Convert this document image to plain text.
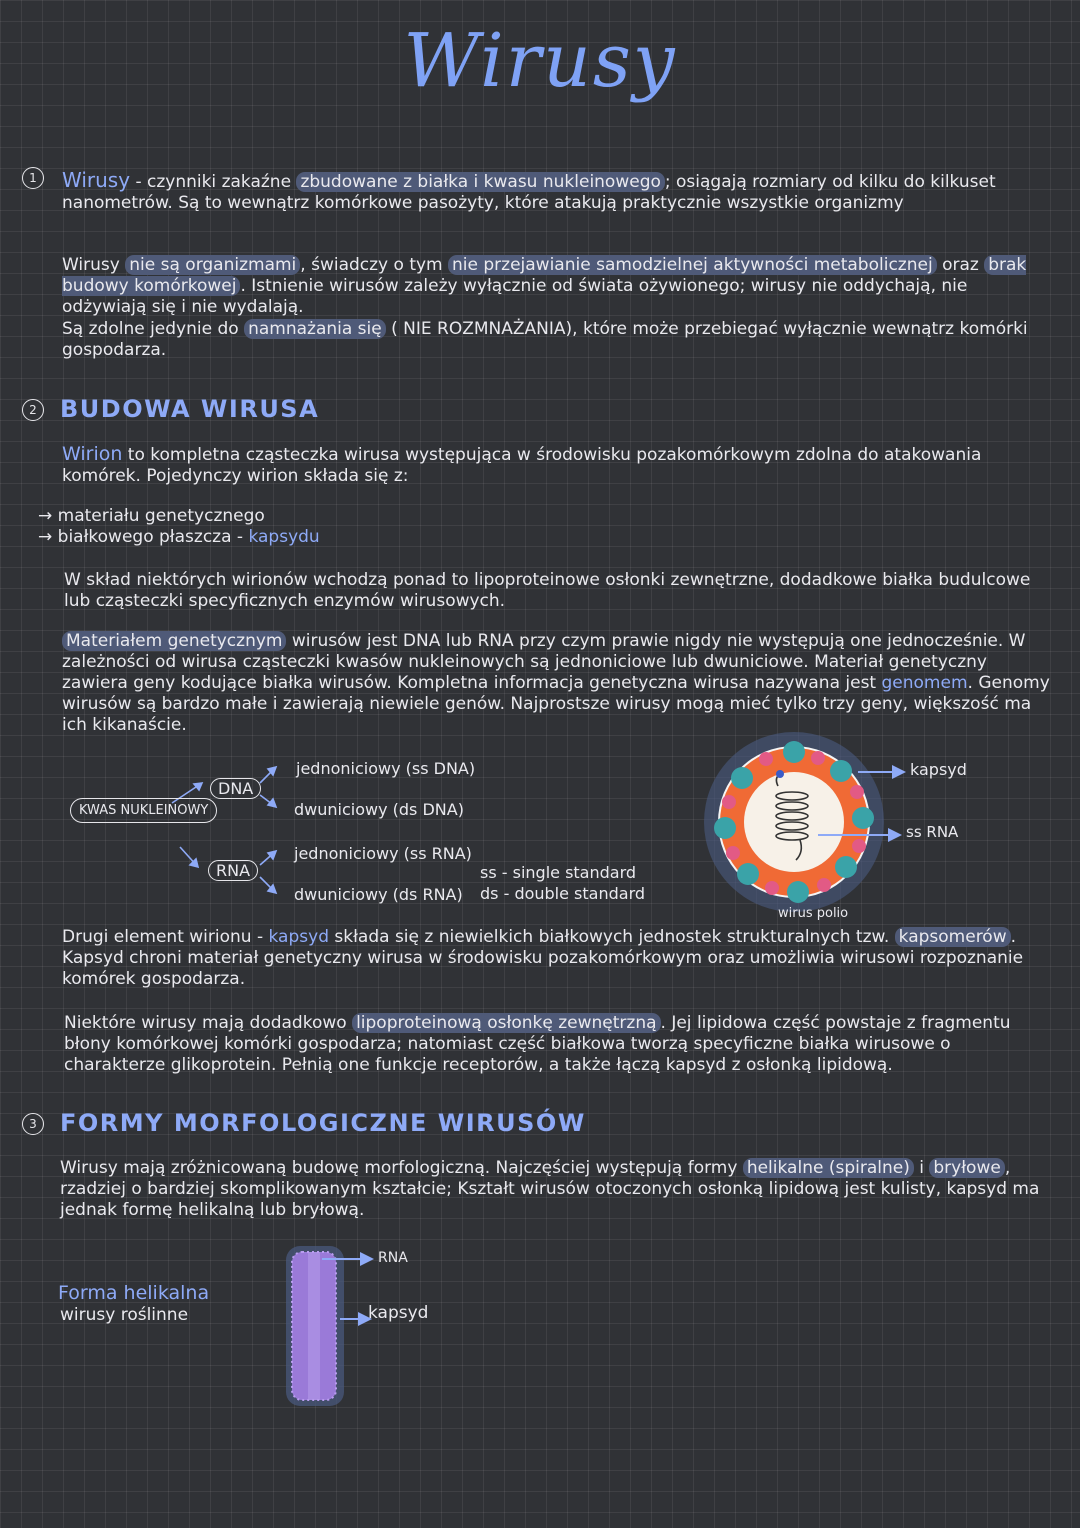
Wirusy
1	Wirusy - czynniki zakaźne zbudowane z białka i kwasu nukleinowego ; osiągają rozmiary od kilku do kilkuset nanometrów. Są to wewnątrz komórkowe pasożyty, które atakują praktycznie wszystkie organizmy

Wirusy nie są organizmami , świadczy o tym nie przejawianie samodzielnej aktywności metabolicznej oraz brak budowy komórkowej . Istnienie wirusów zależy wyłącznie od świata ożywionego; wirusy nie oddychają, nie odżywiają się i nie wydalają.

Są zdolne jedynie do namnażania się ( NIE ROZMNAŻANIA), które może przebiegać wyłącznie wewnątrz komórki gospodarza.

2 BUDOWA WIRUSA

Wirion to kompletna cząsteczka wirusa występująca w środowisku pozakomórkowym zdolna do atakowania komórek. Pojedynczy wirion składa się z:

→ materiału genetycznego
→ białkowego płaszcza - kapsydu

W skład niektórych wirionów wchodzą ponad to lipoproteinowe osłonki zewnętrzne, dodadkowe białka budulcowe lub cząsteczki specyficznych enzymów wirusowych.

Materiałem genetycznym wirusów jest DNA lub RNA przy czym prawie nigdy nie występują one jednocześnie. W zależności od wirusa cząsteczki kwasów nukleinowych są jednoniciowe lub dwuniciowe. Materiał genetyczny zawiera geny kodujące białka wirusów. Kompletna informacja genetyczna wirusa nazywana jest genomem. Genomy wirusów są bardzo małe i zawierają niewiele genów. Najprostsze wirusy mogą mieć tylko trzy geny, większość ma ich kikanaście.

KWAS NUKLEINOWY
DNA
RNA
jednoniciowy (ss DNA)
dwuniciowy (ds DNA)
jednoniciowy (ss RNA)
dwuniciowy (ds RNA)
ss - single standard
ds - double standard
kapsyd
ss RNA
wirus polio

Drugi element wirionu - kapsyd składa się z niewielkich białkowych jednostek strukturalnych tzw. kapsomerów . Kapsyd chroni materiał genetyczny wirusa w środowisku pozakomórkowym oraz umożliwia wirusowi rozpoznanie komórek gospodarza.

Niektóre wirusy mają dodadkowo lipoproteinową osłonkę zewnętrzną . Jej lipidowa część powstaje z fragmentu błony komórkowej komórki gospodarza; natomiast część białkowa tworzą specyficzne białka wirusowe o charakterze glikoprotein. Pełnią one funkcje receptorów, a także łączą kapsyd z osłonką lipidową.

3 FORMY MORFOLOGICZNE WIRUSÓW

Wirusy mają zróżnicowaną budowę morfologiczną. Najczęściej występują formy helikalne (spiralne) i bryłowe , rzadziej o bardziej skomplikowanym kształcie; Kształt wirusów otoczonych osłonką lipidową jest kulisty, kapsyd ma jednak formę helikalną lub bryłową.

Forma helikalna
wirusy roślinne
RNA
kapsyd
